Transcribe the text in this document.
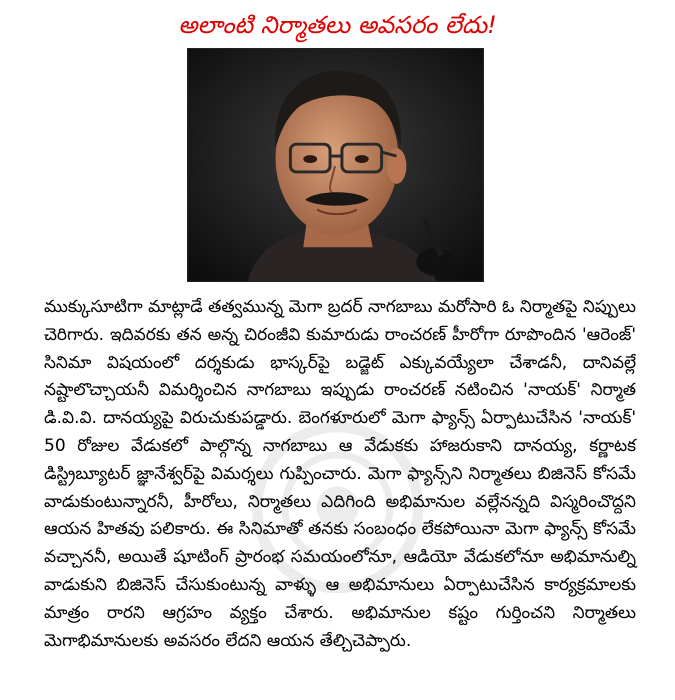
అలాంటి నిర్మాతలు అవసరం లేదు!
ముక్కుసూటిగా మాట్లాడే తత్వమున్న మెగా బ్రదర్ నాగబాబు మరోసారి ఓ నిర్మాతపై నిప్పులు చెరిగారు. ఇదివరకు తన అన్న చిరంజీవి కుమారుడు రాంచరణ్ హీరోగా రూపొందిన 'ఆరెంజ్' సినిమా విషయంలో దర్శకుడు భాస్కర్‌పై బడ్జెట్ ఎక్కువయ్యేలా చేశాడనీ, దానివల్లే నష్టాలొచ్చాయనీ విమర్శించిన నాగబాబు ఇప్పుడు రాంచరణ్ నటించిన 'నాయక్' నిర్మాత డి.వి.వి. దానయ్యపై విరుచుకుపడ్డారు. బెంగళూరులో మెగా ఫ్యాన్స్ ఏర్పాటుచేసిన 'నాయక్' 50 రోజుల వేడుకలో పాల్గొన్న నాగబాబు ఆ వేడుకకు హాజరుకాని దానయ్య, కర్ణాటక డిస్ట్రిబ్యూటర్ జ్ఞానేశ్వర్‌పై విమర్శలు గుప్పించారు. మెగా ఫ్యాన్స్‌ని నిర్మాతలు బిజినెస్ కోసమే వాడుకుంటున్నారనీ, హీరోలు, నిర్మాతలు ఎదిగింది అభిమానుల వల్లేనన్నది విస్మరించొద్దని ఆయన హితవు పలికారు. ఈ సినిమాతో తనకు సంబంధం లేకపోయినా మెగా ఫ్యాన్స్ కోసమే వచ్చాననీ, అయితే షూటింగ్ ప్రారంభ సమయంలోనూ, ఆడియో వేడుకలోనూ అభిమానుల్ని వాడుకుని బిజినెస్ చేసుకుంటున్న వాళ్ళు ఆ అభిమానులు ఏర్పాటుచేసిన కార్యక్రమాలకు మాత్రం రారని ఆగ్రహం వ్యక్తం చేశారు. అభిమానుల కష్టం గుర్తించని నిర్మాతలు మెగాభిమానులకు అవసరం లేదని ఆయన తేల్చిచెప్పారు.
